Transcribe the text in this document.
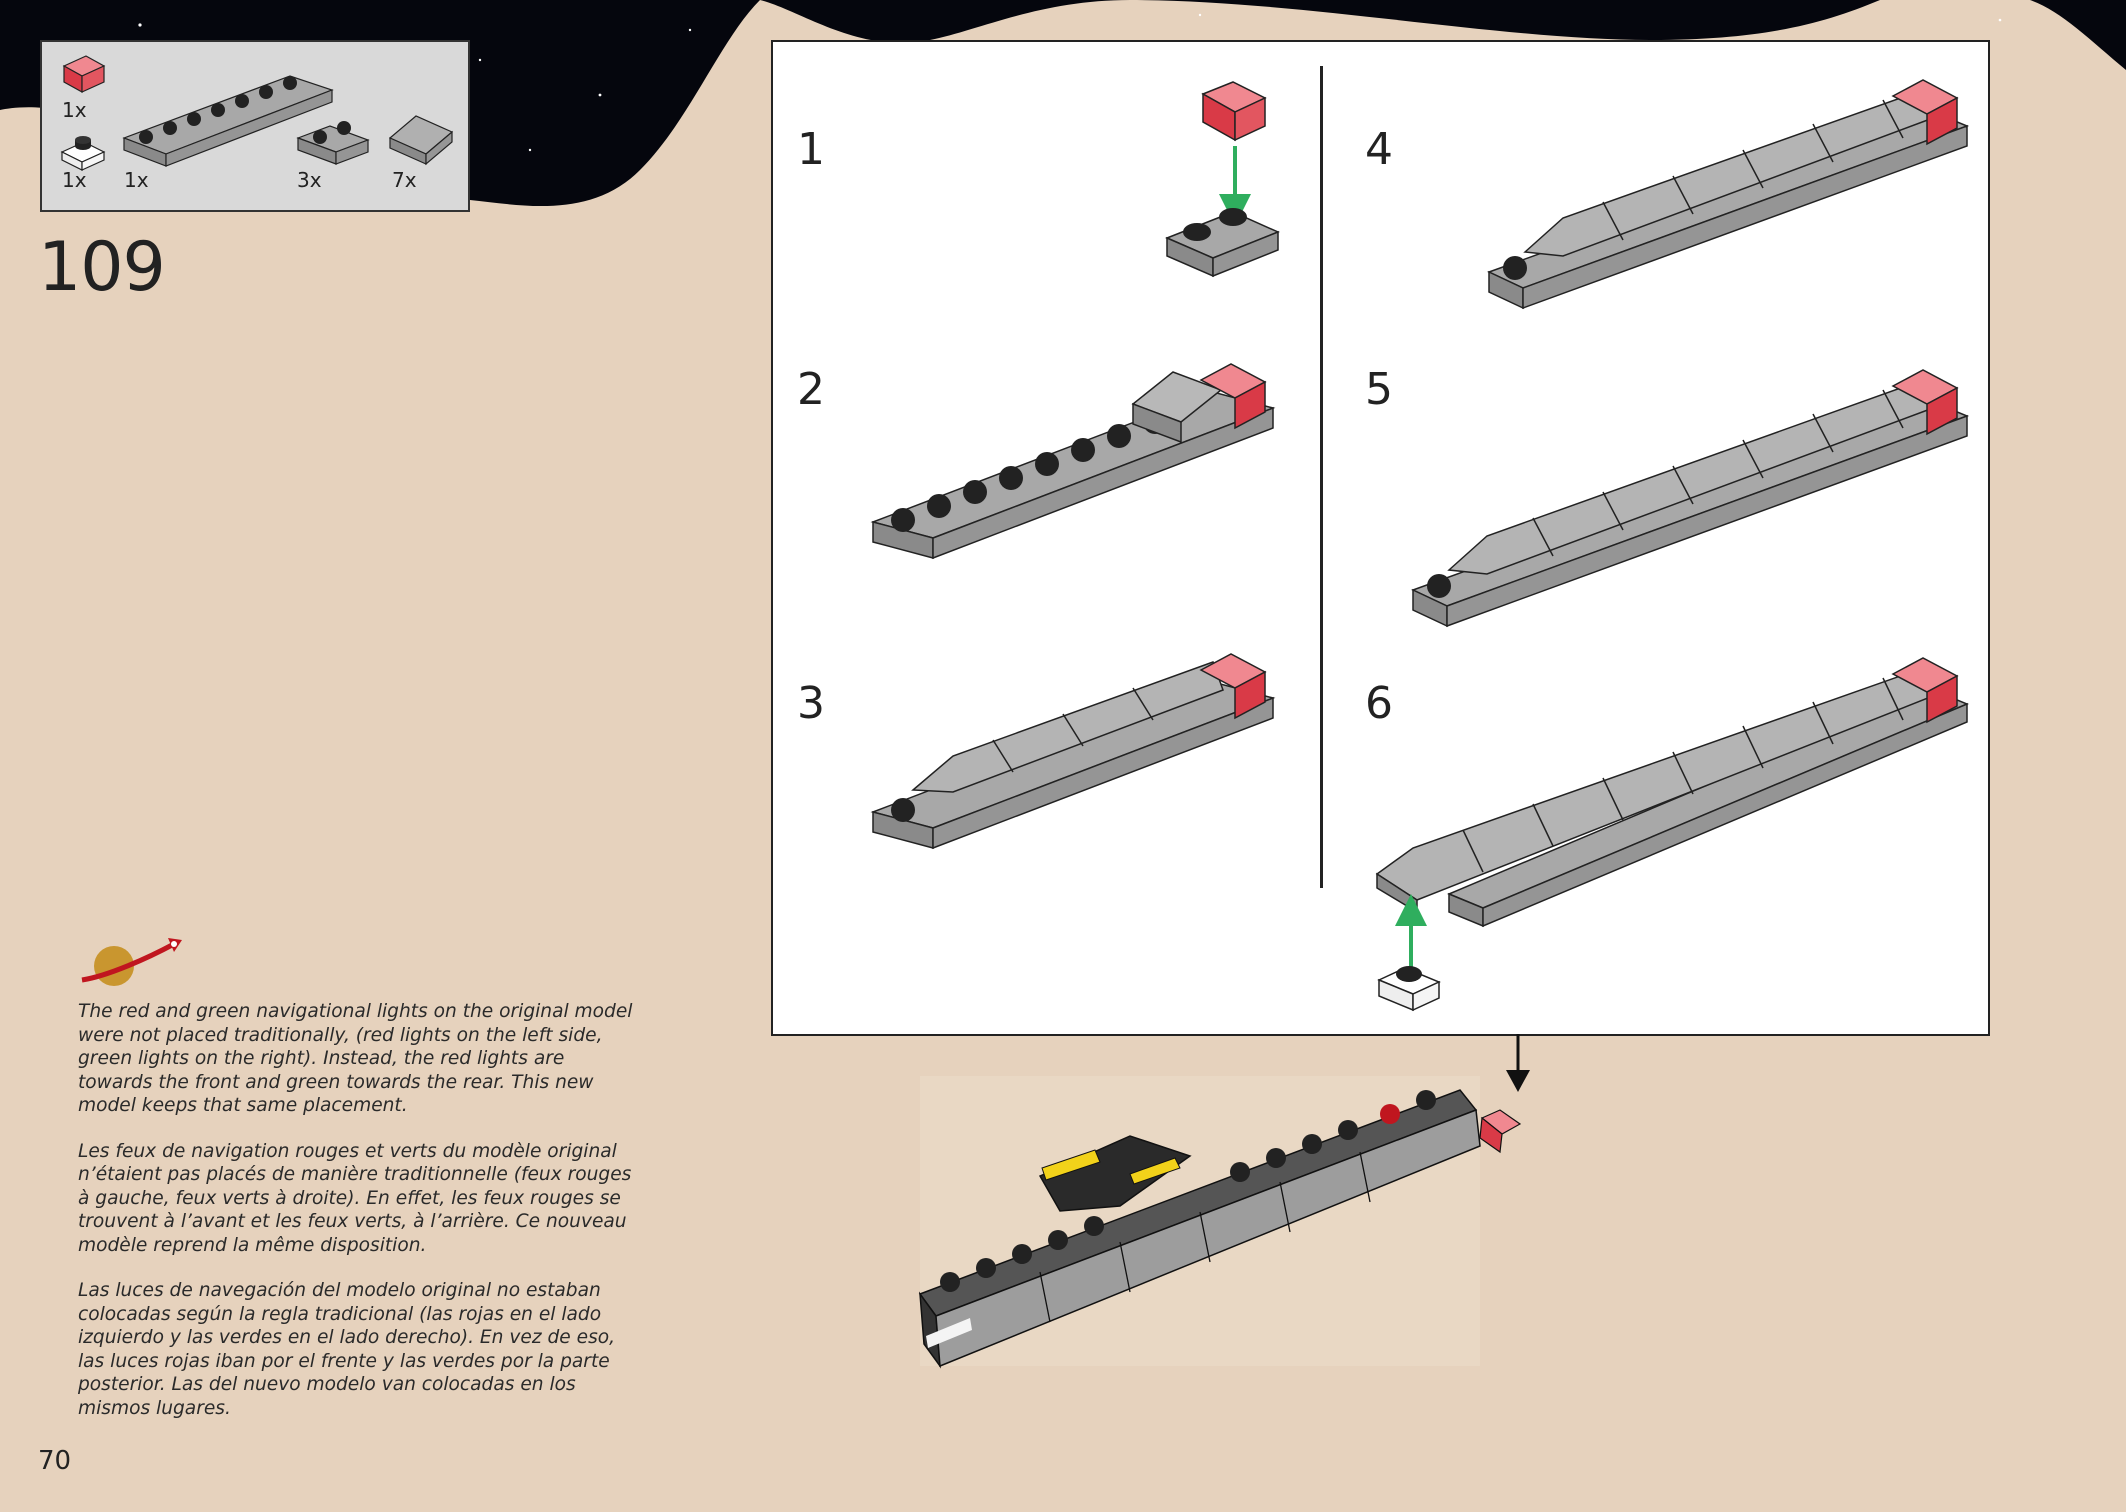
1x
1x 1x	3x	7x
109
1
2
3
4
5
6

The red and green navigational lights on the original model were not placed traditionally, (red lights on the left side, green lights on the right). Instead, the red lights are towards the front and green towards the rear. This new model keeps that same placement.

Les feux de navigation rouges et verts du modèle original n’étaient pas placés de manière traditionnelle (feux rouges à gauche, feux verts à droite). En effet, les feux rouges se trouvent à l’avant et les feux verts, à l’arrière. Ce nouveau modèle reprend la même disposition.

Las luces de navegación del modelo original no estaban colocadas según la regla tradicional (las rojas en el lado izquierdo y las verdes en el lado derecho). En vez de eso, las luces rojas iban por el frente y las verdes por la parte posterior. Las del nuevo modelo van colocadas en los mismos lugares.

70
